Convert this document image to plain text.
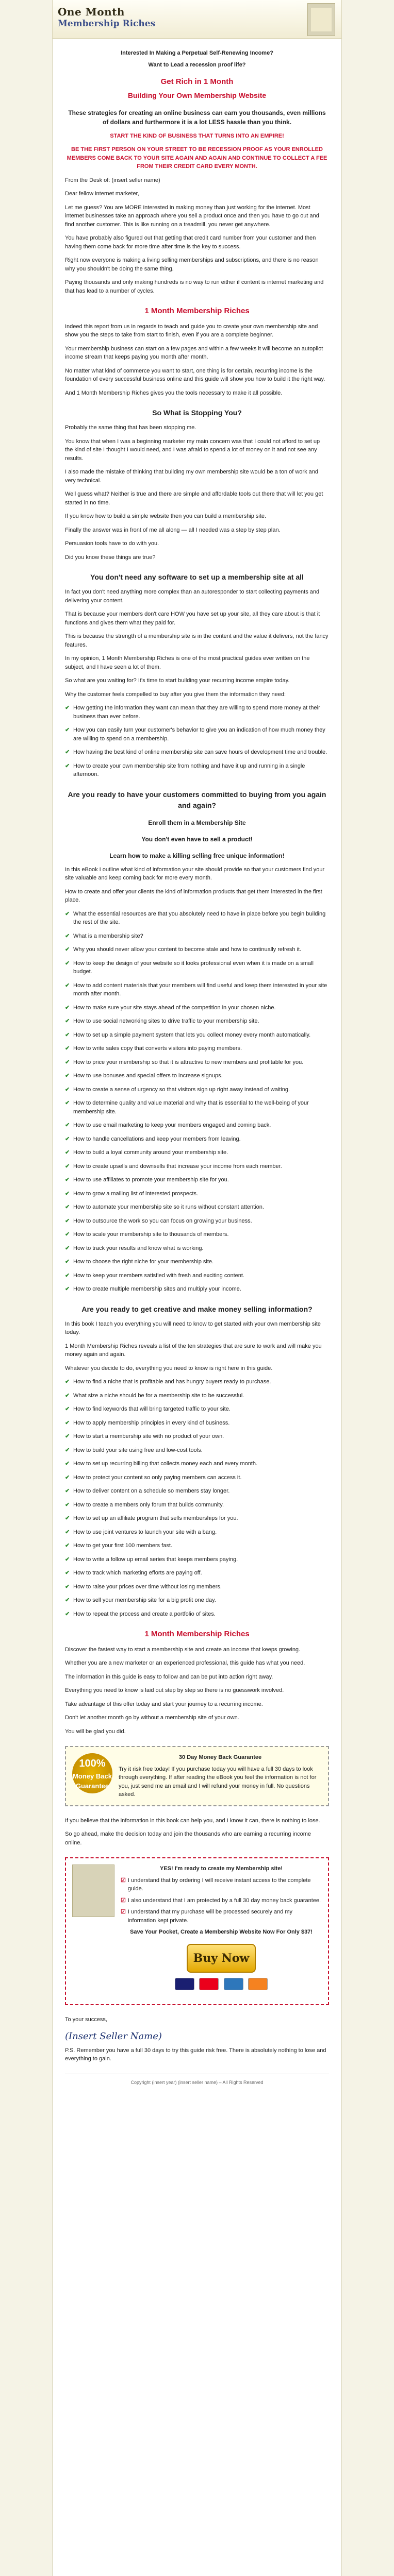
One Month
Membership Riches
Interested In Making a Perpetual Self-Renewing Income?
Want to Lead a recession proof life?
Get Rich in 1 Month
Building Your Own Membership Website
These strategies for creating an online business can earn you thousands, even millions of dollars and furthermore it is a lot LESS hassle than you think.
START THE KIND OF BUSINESS THAT TURNS INTO AN EMPIRE!
BE THE FIRST PERSON ON YOUR STREET TO BE RECESSION PROOF AS YOUR ENROLLED MEMBERS COME BACK TO YOUR SITE AGAIN AND AGAIN AND CONTINUE TO COLLECT A FEE FROM THEIR CREDIT CARD EVERY MONTH.

From the Desk of: (insert seller name)

Dear fellow internet marketer,

Let me guess? You are MORE interested in making money than just working for the internet. Most internet businesses take an approach where you sell a product once and then you have to go out and find another customer. This is like running on a treadmill, you never get anywhere.

You have probably also figured out that getting that credit card number from your customer and then having them come back for more time after time is the key to success.

Right now everyone is making a living selling memberships and subscriptions, and there is no reason why you shouldn't be doing the same thing.

Paying thousands and only making hundreds is no way to run either if content is internet marketing and that has lead to a number of cycles.

1 Month Membership Riches

Indeed this report from us in regards to teach and guide you to create your own membership site and show you the steps to take from start to finish, even if you are a complete beginner.

Your membership business can start on a few pages and within a few weeks it will become an autopilot income stream that keeps paying you month after month.

No matter what kind of commerce you want to start, one thing is for certain, recurring income is the foundation of every successful business online and this guide will show you how to build it the right way.

And 1 Month Membership Riches gives you the tools necessary to make it all possible.

So What is Stopping You?

Probably the same thing that has been stopping me.

You know that when I was a beginning marketer my main concern was that I could not afford to set up the kind of site I thought I would need, and I was afraid to spend a lot of money on it and not see any results.

I also made the mistake of thinking that building my own membership site would be a ton of work and very technical.

Well guess what? Neither is true and there are simple and affordable tools out there that will let you get started in no time.

If you know how to build a simple website then you can build a membership site.

Finally the answer was in front of me all along — all I needed was a step by step plan.

Persuasion tools have to do with you.

Did you know these things are true?

You don't need any software to set up a membership site at all

In fact you don't need anything more complex than an autoresponder to start collecting payments and delivering your content.

That is because your members don't care HOW you have set up your site, all they care about is that it functions and gives them what they paid for.

This is because the strength of a membership site is in the content and the value it delivers, not the fancy features.

In my opinion, 1 Month Membership Riches is one of the most practical guides ever written on the subject, and I have seen a lot of them.

So what are you waiting for? It's time to start building your recurring income empire today.

Why the customer feels compelled to buy after you give them the information they need:

✔ How getting the information they want can mean that they are willing to spend more money at their business than ever before.
✔ How you can easily turn your customer's behavior to give you an indication of how much money they are willing to spend on a membership.
✔ How having the best kind of online membership site can save hours of development time and trouble.
✔ How to create your own membership site from nothing and have it up and running in a single afternoon.
Are you ready to have your customers committed to buying from you again and again?
Enroll them in a Membership Site
You don't even have to sell a product!
Learn how to make a killing selling free unique information!

In this eBook I outline what kind of information your site should provide so that your customers find your site valuable and keep coming back for more every month.

How to create and offer your clients the kind of information products that get them interested in the first place.

✔ What the essential resources are that you absolutely need to have in place before you begin building the rest of the site.
✔ What is a membership site?
✔ Why you should never allow your content to become stale and how to continually refresh it.
✔ How to keep the design of your website so it looks professional even when it is made on a small budget.
✔ How to add content materials that your members will find useful and keep them interested in your site month after month.
✔ How to make sure your site stays ahead of the competition in your chosen niche.
✔ How to use social networking sites to drive traffic to your membership site.
✔ How to set up a simple payment system that lets you collect money every month automatically.
✔ How to write sales copy that converts visitors into paying members.
✔ How to price your membership so that it is attractive to new members and profitable for you.
✔ How to use bonuses and special offers to increase signups.
✔ How to create a sense of urgency so that visitors sign up right away instead of waiting.
✔ How to determine quality and value material and why that is essential to the well-being of your membership site.
✔ How to use email marketing to keep your members engaged and coming back.
✔ How to handle cancellations and keep your members from leaving.
✔ How to build a loyal community around your membership site.
✔ How to create upsells and downsells that increase your income from each member.
✔ How to use affiliates to promote your membership site for you.
✔ How to grow a mailing list of interested prospects.
✔ How to automate your membership site so it runs without constant attention.
✔ How to outsource the work so you can focus on growing your business.
✔ How to scale your membership site to thousands of members.
✔ How to track your results and know what is working.
✔ How to choose the right niche for your membership site.
✔ How to keep your members satisfied with fresh and exciting content.
✔ How to create multiple membership sites and multiply your income.
Are you ready to get creative and make money selling information?

In this book I teach you everything you will need to know to get started with your own membership site today.

1 Month Membership Riches reveals a list of the ten strategies that are sure to work and will make you money again and again.

Whatever you decide to do, everything you need to know is right here in this guide.

✔ How to find a niche that is profitable and has hungry buyers ready to purchase.
✔ What size a niche should be for a membership site to be successful.
✔ How to find keywords that will bring targeted traffic to your site.
✔ How to apply membership principles in every kind of business.
✔ How to start a membership site with no product of your own.
✔ How to build your site using free and low-cost tools.
✔ How to set up recurring billing that collects money each and every month.
✔ How to protect your content so only paying members can access it.
✔ How to deliver content on a schedule so members stay longer.
✔ How to create a members only forum that builds community.
✔ How to set up an affiliate program that sells memberships for you.
✔ How to use joint ventures to launch your site with a bang.
✔ How to get your first 100 members fast.
✔ How to write a follow up email series that keeps members paying.
✔ How to track which marketing efforts are paying off.
✔ How to raise your prices over time without losing members.
✔ How to sell your membership site for a big profit one day.
✔ How to repeat the process and create a portfolio of sites.
1 Month Membership Riches

Discover the fastest way to start a membership site and create an income that keeps growing.

Whether you are a new marketer or an experienced professional, this guide has what you need.

The information in this guide is easy to follow and can be put into action right away.

Everything you need to know is laid out step by step so there is no guesswork involved.

Take advantage of this offer today and start your journey to a recurring income.

Don't let another month go by without a membership site of your own.

You will be glad you did.

100%
Money Back Guarantee
30 Day Money Back Guarantee
Try it risk free today! If you purchase today you will have a full 30 days to look through everything. If after reading the eBook you feel the information is not for you, just send me an email and I will refund your money in full. No questions asked.

If you believe that the information in this book can help you, and I know it can, there is nothing to lose.

So go ahead, make the decision today and join the thousands who are earning a recurring income online.

YES! I'm ready to create my Membership site!
☑ I understand that by ordering I will receive instant access to the complete guide.
☑ I also understand that I am protected by a full 30 day money back guarantee.
☑ I understand that my purchase will be processed securely and my information kept private.
Save Your Pocket, Create a Membership Website Now For Only $37!
Buy Now

To your success,

(Insert Seller Name)

P.S. Remember you have a full 30 days to try this guide risk free. There is absolutely nothing to lose and everything to gain.

Copyright (insert year) (insert seller name) – All Rights Reserved
